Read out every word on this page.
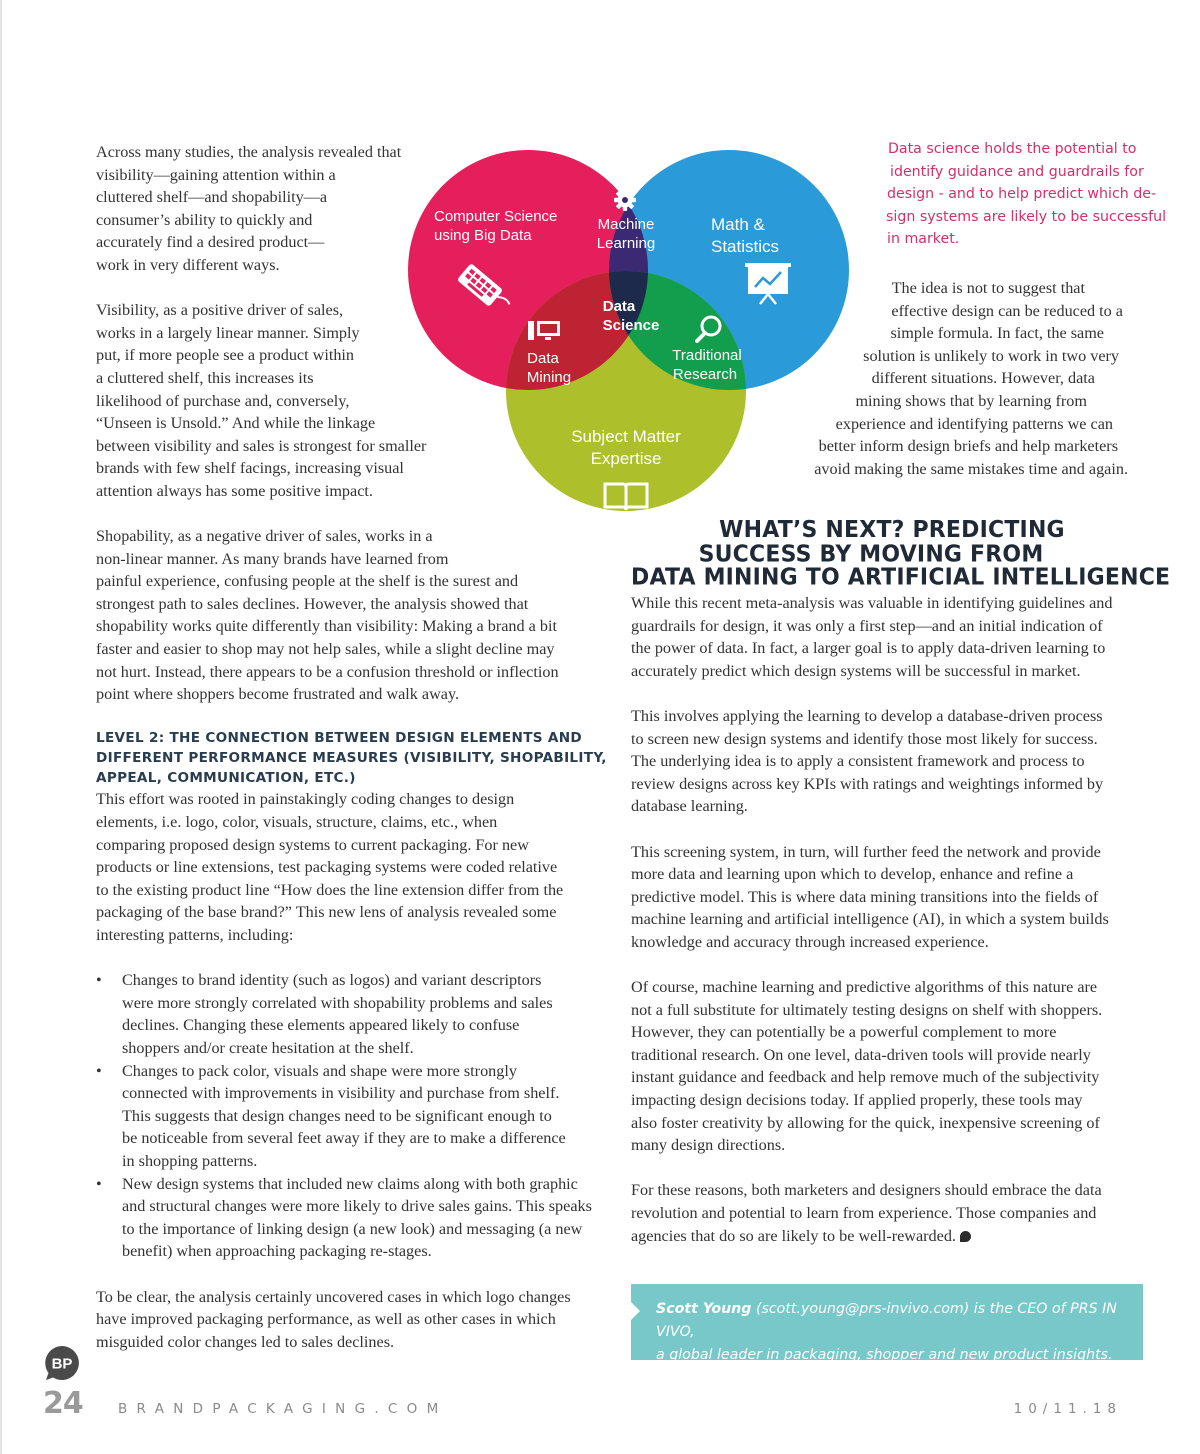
Across many studies, the analysis revealed that
visibility—gaining attention within a
cluttered shelf—and shopability—a
consumer’s ability to quickly and
accurately find a desired product—
work in very different ways.
Visibility, as a positive driver of sales,
works in a largely linear manner. Simply
put, if more people see a product within
a cluttered shelf, this increases its
likelihood of purchase and, conversely,
“Unseen is Unsold.” And while the linkage
between visibility and sales is strongest for smaller
brands with few shelf facings, increasing visual
attention always has some positive impact.
Shopability, as a negative driver of sales, works in a
non-linear manner. As many brands have learned from
painful experience, confusing people at the shelf is the surest and
strongest path to sales declines. However, the analysis showed that
shopability works quite differently than visibility: Making a brand a bit
faster and easier to shop may not help sales, while a slight decline may
not hurt. Instead, there appears to be a confusion threshold or inflection
point where shoppers become frustrated and walk away.
LEVEL 2: THE CONNECTION BETWEEN DESIGN ELEMENTS AND
DIFFERENT PERFORMANCE MEASURES (VISIBILITY, SHOPABILITY,
APPEAL, COMMUNICATION, ETC.)
This effort was rooted in painstakingly coding changes to design
elements, i.e. logo, color, visuals, structure, claims, etc., when
comparing proposed design systems to current packaging. For new
products or line extensions, test packaging systems were coded relative
to the existing product line “How does the line extension differ from the
packaging of the base brand?” This new lens of analysis revealed some
interesting patterns, including:
• Changes to brand identity (such as logos) and variant descriptors
were more strongly correlated with shopability problems and sales
declines. Changing these elements appeared likely to confuse
shoppers and/or create hesitation at the shelf.
• Changes to pack color, visuals and shape were more strongly
connected with improvements in visibility and purchase from shelf.
This suggests that design changes need to be significant enough to
be noticeable from several feet away if they are to make a difference
in shopping patterns.
• New design systems that included new claims along with both graphic
and structural changes were more likely to drive sales gains. This speaks
to the importance of linking design (a new look) and messaging (a new
benefit) when approaching packaging re-stages.
To be clear, the analysis certainly uncovered cases in which logo changes
have improved packaging performance, as well as other cases in which
misguided color changes led to sales declines.
Computer Science using Big Data
Machine Learning
Math & Statistics
Data Science
Data Mining
Traditional Research
Subject Matter Expertise
Data science holds the potential to
identify guidance and guardrails for
design - and to help predict which de-
sign systems are likely to be successful
in market.
The idea is not to suggest that
effective design can be reduced to a
simple formula. In fact, the same
solution is unlikely to work in two very
different situations. However, data
mining shows that by learning from
experience and identifying patterns we can
better inform design briefs and help marketers
avoid making the same mistakes time and again.
WHAT’S NEXT? PREDICTING
SUCCESS BY MOVING FROM
DATA MINING TO ARTIFICIAL INTELLIGENCE
While this recent meta-analysis was valuable in identifying guidelines and
guardrails for design, it was only a first step—and an initial indication of
the power of data. In fact, a larger goal is to apply data-driven learning to
accurately predict which design systems will be successful in market.
This involves applying the learning to develop a database-driven process
to screen new design systems and identify those most likely for success.
The underlying idea is to apply a consistent framework and process to
review designs across key KPIs with ratings and weightings informed by
database learning.
This screening system, in turn, will further feed the network and provide
more data and learning upon which to develop, enhance and refine a
predictive model. This is where data mining transitions into the fields of
machine learning and artificial intelligence (AI), in which a system builds
knowledge and accuracy through increased experience.
Of course, machine learning and predictive algorithms of this nature are
not a full substitute for ultimately testing designs on shelf with shoppers.
However, they can potentially be a powerful complement to more
traditional research. On one level, data-driven tools will provide nearly
instant guidance and feedback and help remove much of the subjectivity
impacting design decisions today. If applied properly, these tools may
also foster creativity by allowing for the quick, inexpensive screening of
many design directions.
For these reasons, both marketers and designers should embrace the data
revolution and potential to learn from experience. Those companies and
agencies that do so are likely to be well-rewarded.
Scott Young (scott.young@prs-invivo.com) is the CEO of PRS IN VIVO,
a global leader in packaging, shopper and new product insights.
BP
24	BRANDPACKAGING.COM	10/11.18
